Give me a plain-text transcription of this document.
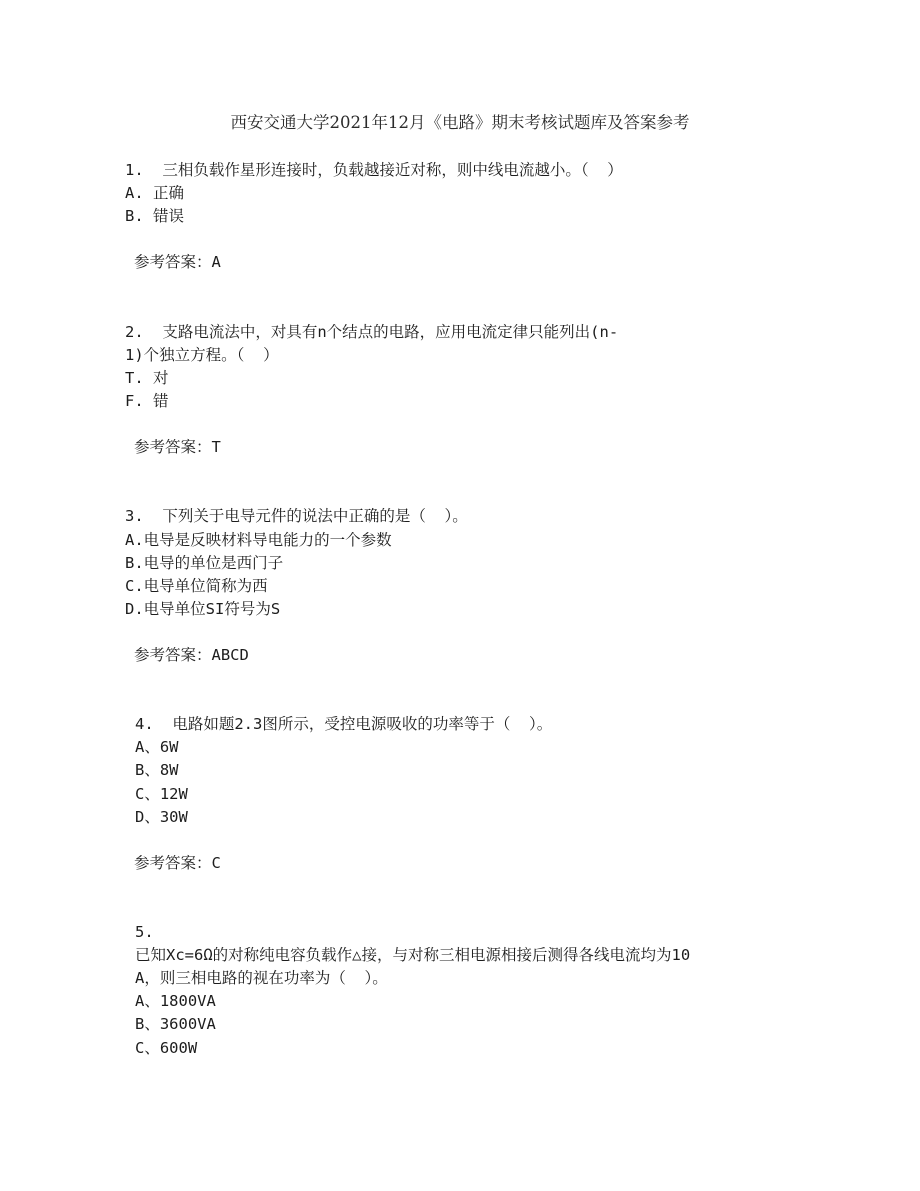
西安交通大学2021年12月《电路》期末考核试题库及答案参考
1.  三相负载作星形连接时，负载越接近对称，则中线电流越小。（  ）
A. 正确
B. 错误
参考答案：A
2.  支路电流法中，对具有n个结点的电路，应用电流定律只能列出(n-
1)个独立方程。（  ）
T. 对
F. 错
参考答案：T
3.  下列关于电导元件的说法中正确的是（  ）。
A.电导是反映材料导电能力的一个参数
B.电导的单位是西门子
C.电导单位简称为西
D.电导单位SI符号为S
参考答案：ABCD
4.  电路如题2.3图所示，受控电源吸收的功率等于（  ）。
A、6W
B、8W
C、12W
D、30W
参考答案：C
5.
已知Xc=6Ω的对称纯电容负载作△接，与对称三相电源相接后测得各线电流均为10
A，则三相电路的视在功率为（  ）。
A、1800VA
B、3600VA
C、600W
